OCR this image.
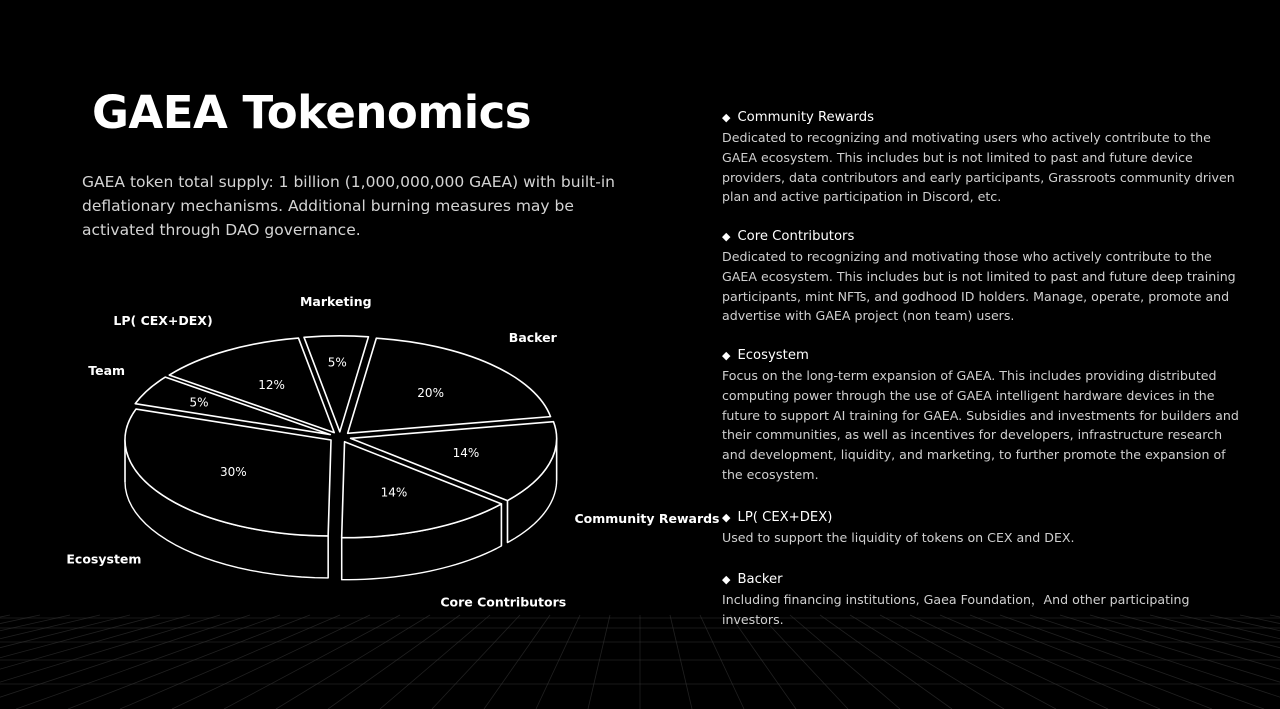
GAEA Tokenomics

GAEA token total supply: 1 billion (1,000,000,000 GAEA) with built-in deflationary mechanisms. Additional burning measures may be activated through DAO governance.

5%
20%
14%
14%
30%
5%
12%
Marketing
Backer
Community Rewards
Core Contributors
Ecosystem
Team
LP( CEX+DEX)
◆ Community Rewards

Dedicated to recognizing and motivating users who actively contribute to the GAEA ecosystem. This includes but is not limited to past and future device providers, data contributors and early participants, Grassroots community driven plan and active participation in Discord, etc.

◆ Core Contributors

Dedicated to recognizing and motivating those who actively contribute to the GAEA ecosystem. This includes but is not limited to past and future deep training participants, mint NFTs, and godhood ID holders. Manage, operate, promote and advertise with GAEA project (non team) users.

◆ Ecosystem

Focus on the long-term expansion of GAEA. This includes providing distributed computing power through the use of GAEA intelligent hardware devices in the future to support AI training for GAEA. Subsidies and investments for builders and their communities, as well as incentives for developers, infrastructure research and development, liquidity, and marketing, to further promote the expansion of the ecosystem.

◆ LP( CEX+DEX)

Used to support the liquidity of tokens on CEX and DEX.

◆ Backer

Including financing institutions, Gaea Foundation，And other participating investors.
